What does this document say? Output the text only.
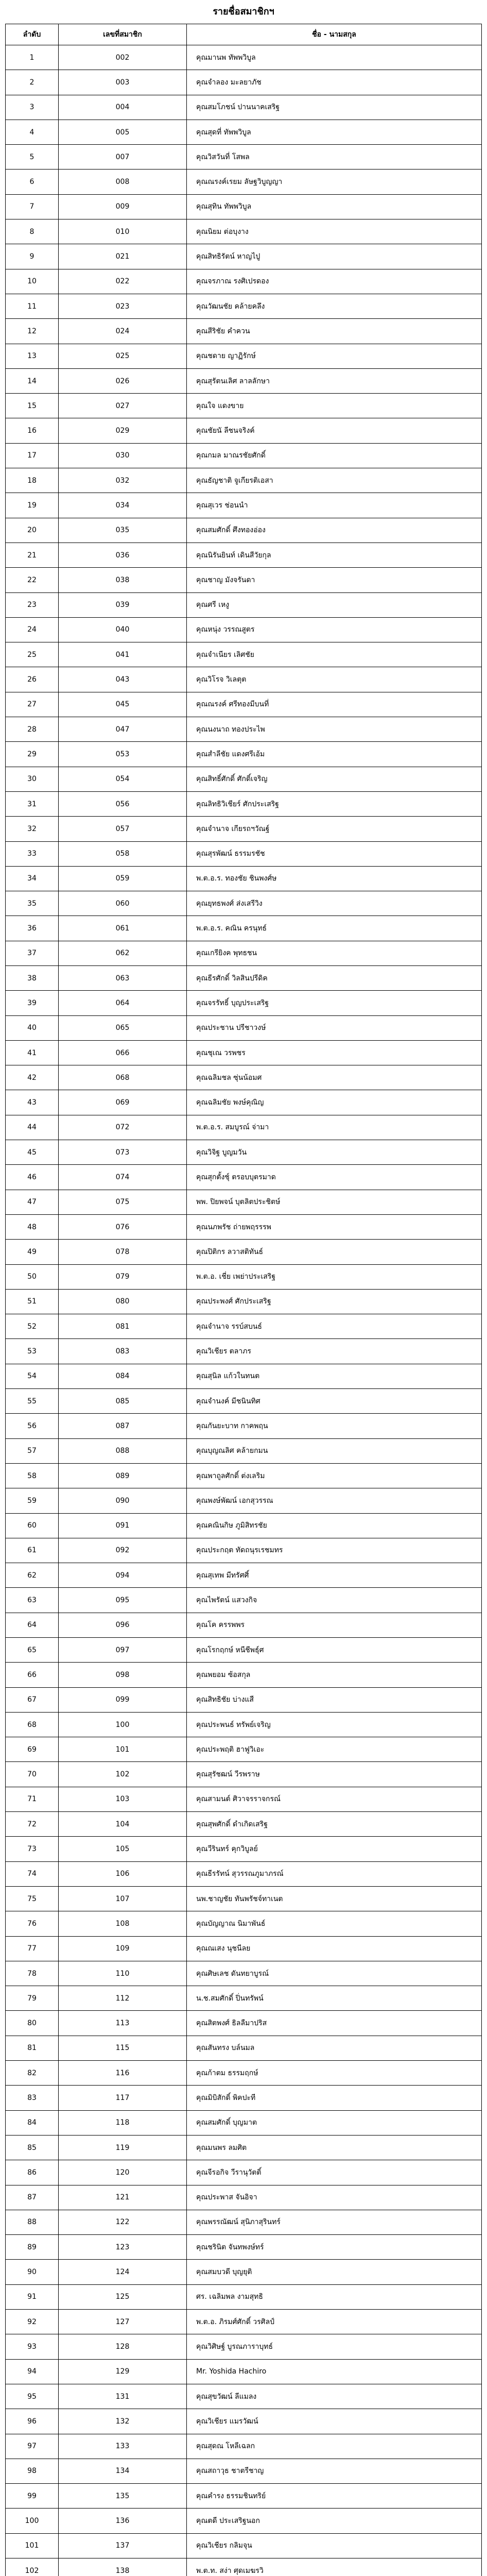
รายชื่อสมาชิกฯ
ลำดับ	เลขที่สมาชิก	ชื่อ - นามสกุล
1	002	คุณมานพ ทัพพวิบูล
2	003	คุณจำลอง มะลยาภัช
3	004	คุณสมโภชน์ ปานนาคเสริฐ
4	005	คุณสุดที่ ทัพพวิบูล
5	007	คุณวิสวันที่ โสพล
6	008	คุณณรงค์เรยม ลัษฐวิบูญญา
7	009	คุณสุทิน ทัพพวิบูล
8	010	คุณนิยม ต่อบุงาง
9	021	คุณสิทธิรัตน์ หาญไปู
10	022	คุณจรภาณ รงศิเปรดอง
11	023	คุณวัฒนชัย คล้ายคลึง
12	024	คุณสีริชัย คำควน
13	025	คุณชดาย ญาฏิรักษ์
14	026	คุณสุรัตนเลิศ ลาลลักษา
15	027	คุณใจ แดงขาย
16	029	คุณชัยนั ลีชนจริงค์
17	030	คุณกมล มาณรชัยศักดิ์
18	032	คุณธัญชาติ จูเกียรติเอสา
19	034	คุณสุเวร ช่อนนำ
20	035	คุณสมศักดิ์ ศึงทองอ่อง
21	036	คุณนิรันยินท์ เดินสีวัยกุล
22	038	คุณชาญ มังจรันดา
23	039	คุณศรี เหงู
24	040	คุณหนุ่ง วรรณสูตร
25	041	คุณจำเนียร เลิศชัย
26	043	คุณวิโรจ วิเลตุต
27	045	คุณณรงค์ ศรีทองมีบนที่
28	047	คุณนงนาถ ทองประไพ
29	053	คุณสำลีชัย แดงศรีเอ้ม
30	054	คุณสิทธิ์ศักดิ์ ศักดิ์เจริญ
31	056	คุณลิทธิวิเชียร์ ศักประเสริฐ
32	057	คุณจำนาจ เกียรถฯวัณฐ์
33	058	คุณสุรพัฒน์ ธรรมรชัช
34	059	พ.ต.อ.ร. ทองชัย ชินพงศ์ษ
35	060	คุณยุทธพงศ์ ส่งเสรีวิง
36	061	พ.ต.อ.ร. คณิน ครนุทธ์
37	062	คุณเกรียิงค พุทธชน
38	063	คุณธีรศักดิ์ วิลสินปรีดิค
39	064	คุณจรรัทธิ์ บุญประเสริฐ
40	065	คุณประชาน ปรีชาวงษ์
41	066	คุณชุเณ วรพชร
42	068	คุณฉลิมชล ซุ่นน้อมศ
43	069	คุณฉลิมชัย พงษ์คุณิญ
44	072	พ.ต.อ.ร. สมบูรณ์ จ่ามา
45	073	คุณวิจิฐ บูญมวัน
46	074	คุณสุกตั้งชุ์ ตรอบบุตรมาด
47	075	พพ. ปิยพจน์ บุตลิตประชิตษ์
48	076	คุณนภพรัช ถ่ายพฤรรรพ
49	078	คุณปิติกร ลวาสติทันธ์
50	079	พ.ต.อ. เชี่ย เพย่าประเสริฐ
51	080	คุณประพงศ์ ศักประเสริฐ
52	081	คุณจำนาจ รรบ์สบนธ์
53	083	คุณวิเชียร ตลาภร
54	084	คุณสุนิล แก้วในทนต
55	085	คุณจำนงค์ มีชนินทิศ
56	087	คุณกันยะบาท กาคพฤน
57	088	คุณบุญณลิศ คล้ายกมน
58	089	คุณพาถูลศักดิ์ ต่งเลริม
59	090	คุณพงษ์พัฒน์ เอกสุวรรณ
60	091	คุณคณินกิษ ภูมิสิทรชัย
61	092	คุณประกฤต ทัดถนุรเรชมทร
62	094	คุณสุเทพ มีทรัศศิ์
63	095	คุณไพรัตน์ แสวงกิจ
64	096	คุณโค ครรพพร
65	097	คุณโรกฤกษ์ หนีชีพธุ์ศ
66	098	คุณพยอม ซ้อสกุล
67	099	คุณสิทธิชัย บ่างแสี
68	100	คุณประพนธ์ ทรัพย์เจริญ
69	101	คุณประพฤติ ฮาฟูวิเอะ
70	102	คุณสุรัชฒน์ วีรพราษ
71	103	คุณสามนต์ ศิวาจรราจกรณ์
72	104	คุณสุพศักดิ์ ดำเกิดเสริฐ
73	105	คุณวีรินทร์ คุกวิบูลย์
74	106	คุณธีรรัทน์ สุวรรณภูมาภรณ์
75	107	นพ.ชาญชัย ทันพรัชจ์ทาเนต
76	108	คุณบัญญาณ นิมาพันธ์
77	109	คุณณเสง นุชนีลย
78	110	คุณศิษเลช ดันทยาบูรณ์
79	112	น.ช.สมศักดิ์ ปิ่นทรัพน์
80	113	คุณสิตพงศ์ ธิลลืมาปริส
81	115	คุณสันทรง บล์นมล
82	116	คุณก้าตม ธรรมฤกษ์
83	117	คุณมิบิสักดิ์ พิคปะที
84	118	คุณสมศักดิ์ บุญมาต
85	119	คุณมนพร ลมศิต
86	120	คุณจีรอกิจ วีรานุวัตติ์
87	121	คุณประพาส จันอิจา
88	122	คุณพรรณัฒน์ สุนิภาสุรินทร์
89	123	คุณชรินิต จันทพงษ์ทร์
90	124	คุณสมบวดี บุญยุติ
91	125	ศร. เฉลิมพล งามสุทธิ
92	127	พ.ต.อ. ภิรมศ์ศักดิ์ วรศิลป์
93	128	คุณวิศิษฐ์ บูรณภาราบุทธ์
94	129	Mr. Yoshida Hachiro
95	131	คุณสุขวัฒน์ ลีแมลง
96	132	คุณวิเชียร แมรวัฒน์
97	133	คุณสุดณ โหลีเฉลก
98	134	คุณสถาวุธ ชาตรีชาญ
99	135	คุณคำรง ธรรมชินทริย์
100	136	คุณตดี ประเสริฐนอก
101	137	คุณวิเชียร กลิมจุน
102	138	พ.ต.ท. สง่า ศุดเมฆรวิ
